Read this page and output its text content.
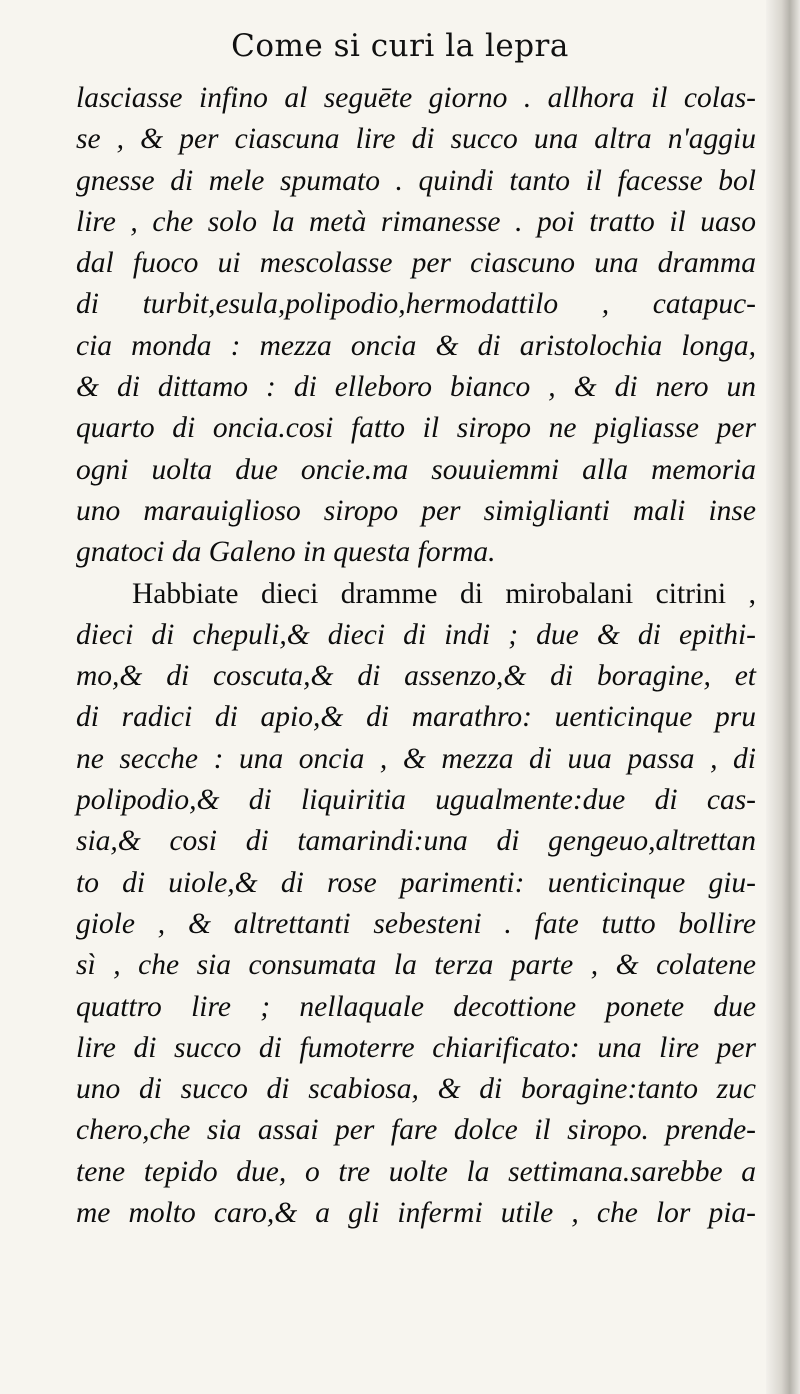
Come si curi la lepra
lasciasse infino al seguēte giorno . allhora il colas-
se , & per ciascuna lire di succo una altra n'aggiu
gnesse di mele spumato . quindi tanto il facesse bol
lire , che solo la metà rimanesse . poi tratto il uaso
dal fuoco ui mescolasse per ciascuno una dramma
di turbit,esula,polipodio,hermodattilo , catapuc-
cia monda : mezza oncia & di aristolochia longa,
& di dittamo : di elleboro bianco , & di nero un
quarto di oncia.cosi fatto il siropo ne pigliasse per
ogni uolta due oncie.ma souuiemmi alla memoria
uno marauiglioso siropo per simiglianti mali inse
gnatoci da Galeno in questa forma.
Habbiate dieci dramme di mirobalani citrini ,
dieci di chepuli,& dieci di indi ; due & di epithi-
mo,& di coscuta,& di assenzo,& di boragine, et
di radici di apio,& di marathro: uenticinque pru
ne secche : una oncia , & mezza di uua passa , di
polipodio,& di liquiritia ugualmente:due di cas-
sia,& cosi di tamarindi:una di gengeuo,altrettan
to di uiole,& di rose parimenti: uenticinque giu-
giole , & altrettanti sebesteni . fate tutto bollire
sì , che sia consumata la terza parte , & colatene
quattro lire ; nellaquale decottione ponete due
lire di succo di fumoterre chiarificato: una lire per
uno di succo di scabiosa, & di boragine:tanto zuc
chero,che sia assai per fare dolce il siropo. prende-
tene tepido due, o tre uolte la settimana.sarebbe a
me molto caro,& a gli infermi utile , che lor pia-
